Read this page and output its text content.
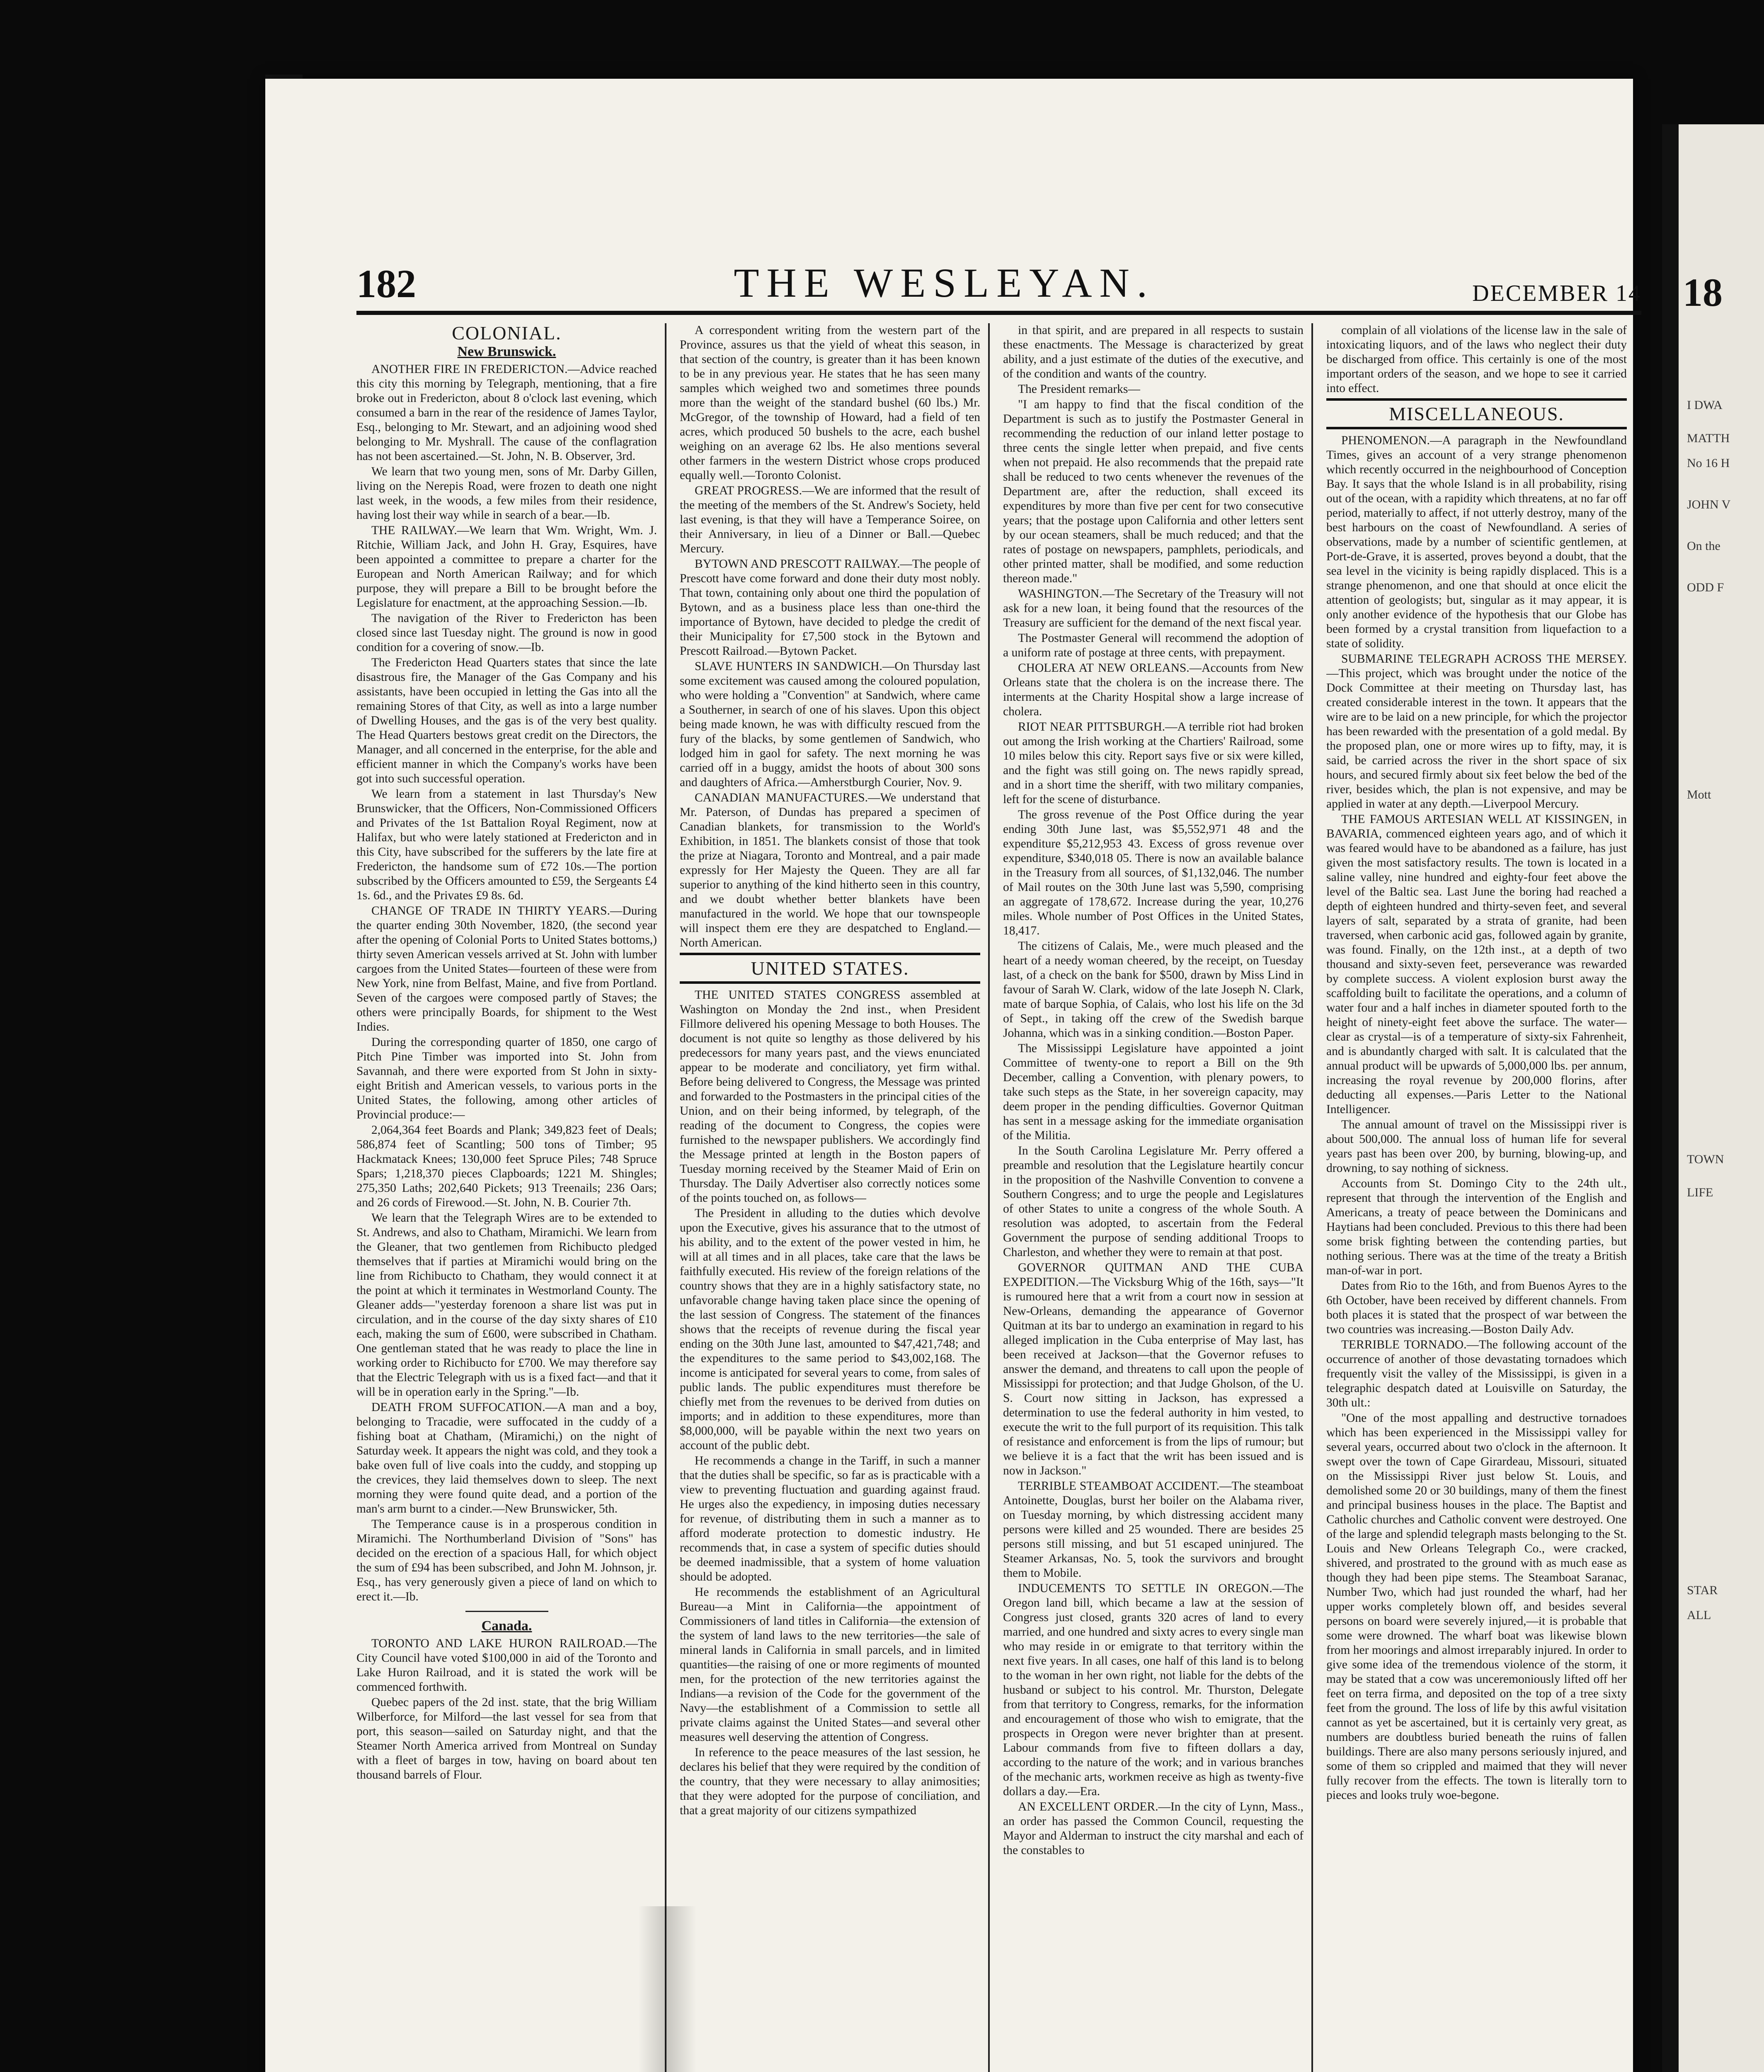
I DWA
MATTH
No 16 H
JOHN V
On the
ODD F
Mott
TOWN
LIFE
STAR
ALL
18
182	THE WESLEYAN.	DECEMBER 14
COLONIAL.
New Brunswick.

ANOTHER FIRE IN FREDERICTON.—Advice reached this city this morning by Telegraph, mentioning, that a fire broke out in Fredericton, about 8 o'clock last evening, which consumed a barn in the rear of the residence of James Taylor, Esq., belonging to Mr. Stewart, and an adjoining wood shed belonging to Mr. Myshrall. The cause of the conflagration has not been ascertained.—St. John, N. B. Observer, 3rd.

We learn that two young men, sons of Mr. Darby Gillen, living on the Nerepis Road, were frozen to death one night last week, in the woods, a few miles from their residence, having lost their way while in search of a bear.—Ib.

THE RAILWAY.—We learn that Wm. Wright, Wm. J. Ritchie, William Jack, and John H. Gray, Esquires, have been appointed a committee to prepare a charter for the European and North American Railway; and for which purpose, they will prepare a Bill to be brought before the Legislature for enactment, at the approaching Session.—Ib.

The navigation of the River to Fredericton has been closed since last Tuesday night. The ground is now in good condition for a covering of snow.—Ib.

The Fredericton Head Quarters states that since the late disastrous fire, the Manager of the Gas Company and his assistants, have been occupied in letting the Gas into all the remaining Stores of that City, as well as into a large number of Dwelling Houses, and the gas is of the very best quality. The Head Quarters bestows great credit on the Directors, the Manager, and all concerned in the enterprise, for the able and efficient manner in which the Company's works have been got into such successful operation.

We learn from a statement in last Thursday's New Brunswicker, that the Officers, Non-Commissioned Officers and Privates of the 1st Battalion Royal Regiment, now at Halifax, but who were lately stationed at Fredericton and in this City, have subscribed for the sufferers by the late fire at Fredericton, the handsome sum of £72 10s.—The portion subscribed by the Officers amounted to £59, the Sergeants £4 1s. 6d., and the Privates £9 8s. 6d.

CHANGE OF TRADE IN THIRTY YEARS.—During the quarter ending 30th November, 1820, (the second year after the opening of Colonial Ports to United States bottoms,) thirty seven American vessels arrived at St. John with lumber cargoes from the United States—fourteen of these were from New York, nine from Belfast, Maine, and five from Portland. Seven of the cargoes were composed partly of Staves; the others were principally Boards, for shipment to the West Indies.

During the corresponding quarter of 1850, one cargo of Pitch Pine Timber was imported into St. John from Savannah, and there were exported from St John in sixty-eight British and American vessels, to various ports in the United States, the following, among other articles of Provincial produce:—

2,064,364 feet Boards and Plank; 349,823 feet of Deals; 586,874 feet of Scantling; 500 tons of Timber; 95 Hackmatack Knees; 130,000 feet Spruce Piles; 748 Spruce Spars; 1,218,370 pieces Clapboards; 1221 M. Shingles; 275,350 Laths; 202,640 Pickets; 913 Treenails; 236 Oars; and 26 cords of Firewood.—St. John, N. B. Courier 7th.

We learn that the Telegraph Wires are to be extended to St. Andrews, and also to Chatham, Miramichi. We learn from the Gleaner, that two gentlemen from Richibucto pledged themselves that if parties at Miramichi would bring on the line from Richibucto to Chatham, they would connect it at the point at which it terminates in Westmorland County. The Gleaner adds—"yesterday forenoon a share list was put in circulation, and in the course of the day sixty shares of £10 each, making the sum of £600, were subscribed in Chatham. One gentleman stated that he was ready to place the line in working order to Richibucto for £700. We may therefore say that the Electric Telegraph with us is a fixed fact—and that it will be in operation early in the Spring."—Ib.

DEATH FROM SUFFOCATION.—A man and a boy, belonging to Tracadie, were suffocated in the cuddy of a fishing boat at Chatham, (Miramichi,) on the night of Saturday week. It appears the night was cold, and they took a bake oven full of live coals into the cuddy, and stopping up the crevices, they laid themselves down to sleep. The next morning they were found quite dead, and a portion of the man's arm burnt to a cinder.—New Brunswicker, 5th.

The Temperance cause is in a prosperous condition in Miramichi. The Northumberland Division of "Sons" has decided on the erection of a spacious Hall, for which object the sum of £94 has been subscribed, and John M. Johnson, jr. Esq., has very generously given a piece of land on which to erect it.—Ib.

Canada.

TORONTO AND LAKE HURON RAILROAD.—The City Council have voted $100,000 in aid of the Toronto and Lake Huron Railroad, and it is stated the work will be commenced forthwith.

Quebec papers of the 2d inst. state, that the brig William Wilberforce, for Milford—the last vessel for sea from that port, this season—sailed on Saturday night, and that the Steamer North America arrived from Montreal on Sunday with a fleet of barges in tow, having on board about ten thousand barrels of Flour.

A correspondent writing from the western part of the Province, assures us that the yield of wheat this season, in that section of the country, is greater than it has been known to be in any previous year. He states that he has seen many samples which weighed two and sometimes three pounds more than the weight of the standard bushel (60 lbs.) Mr. McGregor, of the township of Howard, had a field of ten acres, which produced 50 bushels to the acre, each bushel weighing on an average 62 lbs. He also mentions several other farmers in the western District whose crops produced equally well.—Toronto Colonist.

GREAT PROGRESS.—We are informed that the result of the meeting of the members of the St. Andrew's Society, held last evening, is that they will have a Temperance Soiree, on their Anniversary, in lieu of a Dinner or Ball.—Quebec Mercury.

BYTOWN AND PRESCOTT RAILWAY.—The people of Prescott have come forward and done their duty most nobly. That town, containing only about one third the population of Bytown, and as a business place less than one-third the importance of Bytown, have decided to pledge the credit of their Municipality for £7,500 stock in the Bytown and Prescott Railroad.—Bytown Packet.

SLAVE HUNTERS IN SANDWICH.—On Thursday last some excitement was caused among the coloured population, who were holding a "Convention" at Sandwich, where came a Southerner, in search of one of his slaves. Upon this object being made known, he was with difficulty rescued from the fury of the blacks, by some gentlemen of Sandwich, who lodged him in gaol for safety. The next morning he was carried off in a buggy, amidst the hoots of about 300 sons and daughters of Africa.—Amherstburgh Courier, Nov. 9.

CANADIAN MANUFACTURES.—We understand that Mr. Paterson, of Dundas has prepared a specimen of Canadian blankets, for transmission to the World's Exhibition, in 1851. The blankets consist of those that took the prize at Niagara, Toronto and Montreal, and a pair made expressly for Her Majesty the Queen. They are all far superior to anything of the kind hitherto seen in this country, and we doubt whether better blankets have been manufactured in the world. We hope that our townspeople will inspect them ere they are despatched to England.—North American.

UNITED STATES.

THE UNITED STATES CONGRESS assembled at Washington on Monday the 2nd inst., when President Fillmore delivered his opening Message to both Houses. The document is not quite so lengthy as those delivered by his predecessors for many years past, and the views enunciated appear to be moderate and conciliatory, yet firm withal. Before being delivered to Congress, the Message was printed and forwarded to the Postmasters in the principal cities of the Union, and on their being informed, by telegraph, of the reading of the document to Congress, the copies were furnished to the newspaper publishers. We accordingly find the Message printed at length in the Boston papers of Tuesday morning received by the Steamer Maid of Erin on Thursday. The Daily Advertiser also correctly notices some of the points touched on, as follows—

The President in alluding to the duties which devolve upon the Executive, gives his assurance that to the utmost of his ability, and to the extent of the power vested in him, he will at all times and in all places, take care that the laws be faithfully executed. His review of the foreign relations of the country shows that they are in a highly satisfactory state, no unfavorable change having taken place since the opening of the last session of Congress. The statement of the finances shows that the receipts of revenue during the fiscal year ending on the 30th June last, amounted to $47,421,748; and the expenditures to the same period to $43,002,168. The income is anticipated for several years to come, from sales of public lands. The public expenditures must therefore be chiefly met from the revenues to be derived from duties on imports; and in addition to these expenditures, more than $8,000,000, will be payable within the next two years on account of the public debt.

He recommends a change in the Tariff, in such a manner that the duties shall be specific, so far as is practicable with a view to preventing fluctuation and guarding against fraud. He urges also the expediency, in imposing duties necessary for revenue, of distributing them in such a manner as to afford moderate protection to domestic industry. He recommends that, in case a system of specific duties should be deemed inadmissible, that a system of home valuation should be adopted.

He recommends the establishment of an Agricultural Bureau—a Mint in California—the appointment of Commissioners of land titles in California—the extension of the system of land laws to the new territories—the sale of mineral lands in California in small parcels, and in limited quantities—the raising of one or more regiments of mounted men, for the protection of the new territories against the Indians—a revision of the Code for the government of the Navy—the establishment of a Commission to settle all private claims against the United States—and several other measures well deserving the attention of Congress.

In reference to the peace measures of the last session, he declares his belief that they were required by the condition of the country, that they were necessary to allay animosities; that they were adopted for the purpose of conciliation, and that a great majority of our citizens sympathized

in that spirit, and are prepared in all respects to sustain these enactments. The Message is characterized by great ability, and a just estimate of the duties of the executive, and of the condition and wants of the country.

The President remarks—

"I am happy to find that the fiscal condition of the Department is such as to justify the Postmaster General in recommending the reduction of our inland letter postage to three cents the single letter when prepaid, and five cents when not prepaid. He also recommends that the prepaid rate shall be reduced to two cents whenever the revenues of the Department are, after the reduction, shall exceed its expenditures by more than five per cent for two consecutive years; that the postage upon California and other letters sent by our ocean steamers, shall be much reduced; and that the rates of postage on newspapers, pamphlets, periodicals, and other printed matter, shall be modified, and some reduction thereon made."

WASHINGTON.—The Secretary of the Treasury will not ask for a new loan, it being found that the resources of the Treasury are sufficient for the demand of the next fiscal year.

The Postmaster General will recommend the adoption of a uniform rate of postage at three cents, with prepayment.

CHOLERA AT NEW ORLEANS.—Accounts from New Orleans state that the cholera is on the increase there. The interments at the Charity Hospital show a large increase of cholera.

RIOT NEAR PITTSBURGH.—A terrible riot had broken out among the Irish working at the Chartiers' Railroad, some 10 miles below this city. Report says five or six were killed, and the fight was still going on. The news rapidly spread, and in a short time the sheriff, with two military companies, left for the scene of disturbance.

The gross revenue of the Post Office during the year ending 30th June last, was $5,552,971 48 and the expenditure $5,212,953 43. Excess of gross revenue over expenditure, $340,018 05. There is now an available balance in the Treasury from all sources, of $1,132,046. The number of Mail routes on the 30th June last was 5,590, comprising an aggregate of 178,672. Increase during the year, 10,276 miles. Whole number of Post Offices in the United States, 18,417.

The citizens of Calais, Me., were much pleased and the heart of a needy woman cheered, by the receipt, on Tuesday last, of a check on the bank for $500, drawn by Miss Lind in favour of Sarah W. Clark, widow of the late Joseph N. Clark, mate of barque Sophia, of Calais, who lost his life on the 3d of Sept., in taking off the crew of the Swedish barque Johanna, which was in a sinking condition.—Boston Paper.

The Mississippi Legislature have appointed a joint Committee of twenty-one to report a Bill on the 9th December, calling a Convention, with plenary powers, to take such steps as the State, in her sovereign capacity, may deem proper in the pending difficulties. Governor Quitman has sent in a message asking for the immediate organisation of the Militia.

In the South Carolina Legislature Mr. Perry offered a preamble and resolution that the Legislature heartily concur in the proposition of the Nashville Convention to convene a Southern Congress; and to urge the people and Legislatures of other States to unite a congress of the whole South. A resolution was adopted, to ascertain from the Federal Government the purpose of sending additional Troops to Charleston, and whether they were to remain at that post.

GOVERNOR QUITMAN AND THE CUBA EXPEDITION.—The Vicksburg Whig of the 16th, says—"It is rumoured here that a writ from a court now in session at New-Orleans, demanding the appearance of Governor Quitman at its bar to undergo an examination in regard to his alleged implication in the Cuba enterprise of May last, has been received at Jackson—that the Governor refuses to answer the demand, and threatens to call upon the people of Mississippi for protection; and that Judge Gholson, of the U. S. Court now sitting in Jackson, has expressed a determination to use the federal authority in him vested, to execute the writ to the full purport of its requisition. This talk of resistance and enforcement is from the lips of rumour; but we believe it is a fact that the writ has been issued and is now in Jackson."

TERRIBLE STEAMBOAT ACCIDENT.—The steamboat Antoinette, Douglas, burst her boiler on the Alabama river, on Tuesday morning, by which distressing accident many persons were killed and 25 wounded. There are besides 25 persons still missing, and but 51 escaped uninjured. The Steamer Arkansas, No. 5, took the survivors and brought them to Mobile.

INDUCEMENTS TO SETTLE IN OREGON.—The Oregon land bill, which became a law at the session of Congress just closed, grants 320 acres of land to every married, and one hundred and sixty acres to every single man who may reside in or emigrate to that territory within the next five years. In all cases, one half of this land is to belong to the woman in her own right, not liable for the debts of the husband or subject to his control. Mr. Thurston, Delegate from that territory to Congress, remarks, for the information and encouragement of those who wish to emigrate, that the prospects in Oregon were never brighter than at present. Labour commands from five to fifteen dollars a day, according to the nature of the work; and in various branches of the mechanic arts, workmen receive as high as twenty-five dollars a day.—Era.

AN EXCELLENT ORDER.—In the city of Lynn, Mass., an order has passed the Common Council, requesting the Mayor and Alderman to instruct the city marshal and each of the constables to

complain of all violations of the license law in the sale of intoxicating liquors, and of the laws who neglect their duty be discharged from office. This certainly is one of the most important orders of the season, and we hope to see it carried into effect.

MISCELLANEOUS.

PHENOMENON.—A paragraph in the Newfoundland Times, gives an account of a very strange phenomenon which recently occurred in the neighbourhood of Conception Bay. It says that the whole Island is in all probability, rising out of the ocean, with a rapidity which threatens, at no far off period, materially to affect, if not utterly destroy, many of the best harbours on the coast of Newfoundland. A series of observations, made by a number of scientific gentlemen, at Port-de-Grave, it is asserted, proves beyond a doubt, that the sea level in the vicinity is being rapidly displaced. This is a strange phenomenon, and one that should at once elicit the attention of geologists; but, singular as it may appear, it is only another evidence of the hypothesis that our Globe has been formed by a crystal transition from liquefaction to a state of solidity.

SUBMARINE TELEGRAPH ACROSS THE MERSEY.—This project, which was brought under the notice of the Dock Committee at their meeting on Thursday last, has created considerable interest in the town. It appears that the wire are to be laid on a new principle, for which the projector has been rewarded with the presentation of a gold medal. By the proposed plan, one or more wires up to fifty, may, it is said, be carried across the river in the short space of six hours, and secured firmly about six feet below the bed of the river, besides which, the plan is not expensive, and may be applied in water at any depth.—Liverpool Mercury.

THE FAMOUS ARTESIAN WELL AT KISSINGEN, in BAVARIA, commenced eighteen years ago, and of which it was feared would have to be abandoned as a failure, has just given the most satisfactory results. The town is located in a saline valley, nine hundred and eighty-four feet above the level of the Baltic sea. Last June the boring had reached a depth of eighteen hundred and thirty-seven feet, and several layers of salt, separated by a strata of granite, had been traversed, when carbonic acid gas, followed again by granite, was found. Finally, on the 12th inst., at a depth of two thousand and sixty-seven feet, perseverance was rewarded by complete success. A violent explosion burst away the scaffolding built to facilitate the operations, and a column of water four and a half inches in diameter spouted forth to the height of ninety-eight feet above the surface. The water—clear as crystal—is of a temperature of sixty-six Fahrenheit, and is abundantly charged with salt. It is calculated that the annual product will be upwards of 5,000,000 lbs. per annum, increasing the royal revenue by 200,000 florins, after deducting all expenses.—Paris Letter to the National Intelligencer.

The annual amount of travel on the Mississippi river is about 500,000. The annual loss of human life for several years past has been over 200, by burning, blowing-up, and drowning, to say nothing of sickness.

Accounts from St. Domingo City to the 24th ult., represent that through the intervention of the English and Americans, a treaty of peace between the Dominicans and Haytians had been concluded. Previous to this there had been some brisk fighting between the contending parties, but nothing serious. There was at the time of the treaty a British man-of-war in port.

Dates from Rio to the 16th, and from Buenos Ayres to the 6th October, have been received by different channels. From both places it is stated that the prospect of war between the two countries was increasing.—Boston Daily Adv.

TERRIBLE TORNADO.—The following account of the occurrence of another of those devastating tornadoes which frequently visit the valley of the Mississippi, is given in a telegraphic despatch dated at Louisville on Saturday, the 30th ult.:

"One of the most appalling and destructive tornadoes which has been experienced in the Mississippi valley for several years, occurred about two o'clock in the afternoon. It swept over the town of Cape Girardeau, Missouri, situated on the Mississippi River just below St. Louis, and demolished some 20 or 30 buildings, many of them the finest and principal business houses in the place. The Baptist and Catholic churches and Catholic convent were destroyed. One of the large and splendid telegraph masts belonging to the St. Louis and New Orleans Telegraph Co., were cracked, shivered, and prostrated to the ground with as much ease as though they had been pipe stems. The Steamboat Saranac, Number Two, which had just rounded the wharf, had her upper works completely blown off, and besides several persons on board were severely injured,—it is probable that some were drowned. The wharf boat was likewise blown from her moorings and almost irreparably injured. In order to give some idea of the tremendous violence of the storm, it may be stated that a cow was unceremoniously lifted off her feet on terra firma, and deposited on the top of a tree sixty feet from the ground. The loss of life by this awful visitation cannot as yet be ascertained, but it is certainly very great, as numbers are doubtless buried beneath the ruins of fallen buildings. There are also many persons seriously injured, and some of them so crippled and maimed that they will never fully recover from the effects. The town is literally torn to pieces and looks truly woe-begone.
